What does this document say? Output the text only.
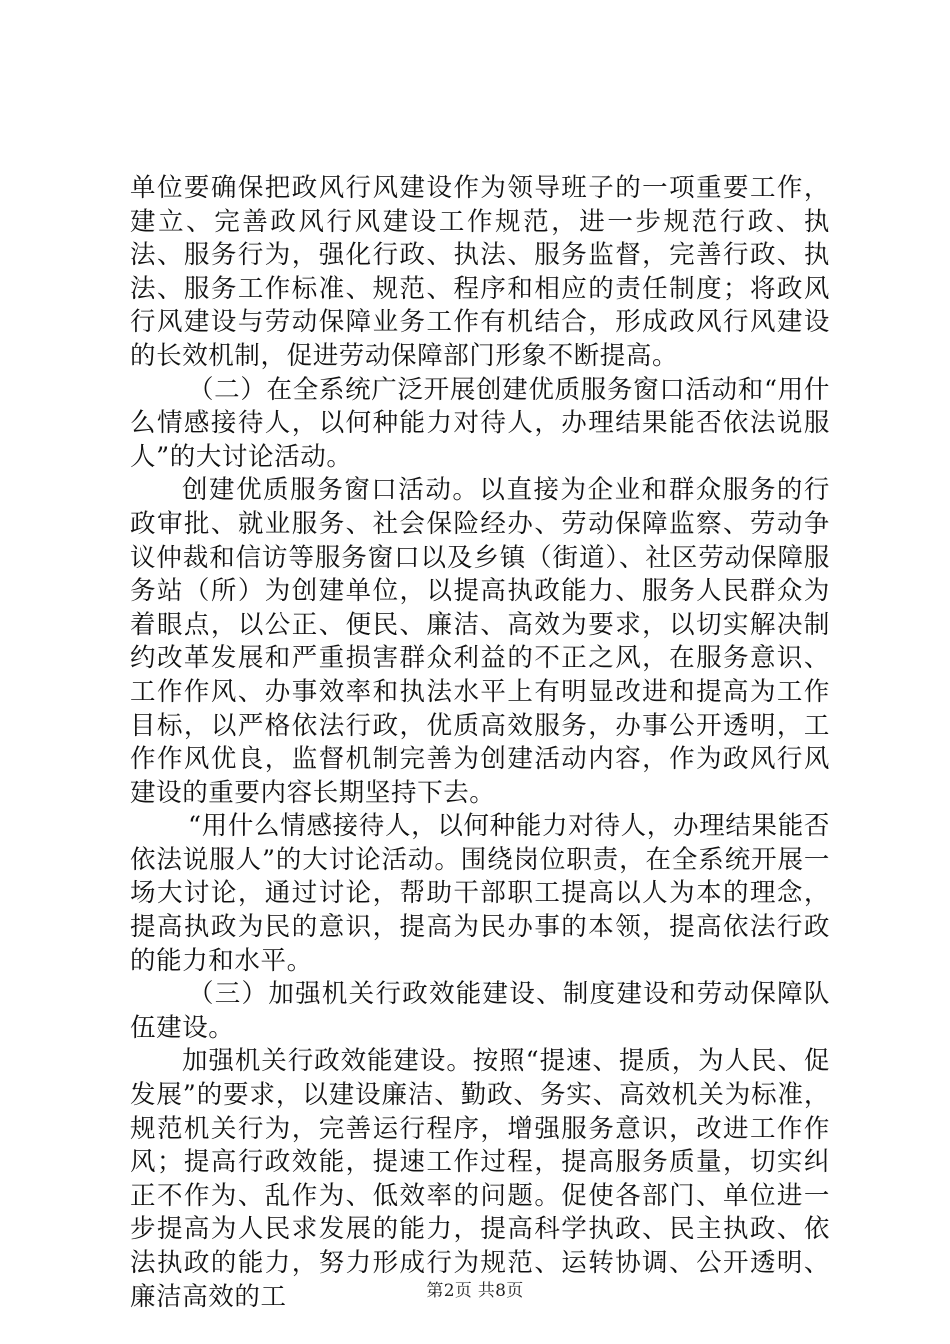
单位要确保把政风行风建设作为领导班子的一项重要工作，建立、完善政风行风建设工作规范，进一步规范行政、执法、服务行为，强化行政、执法、服务监督，完善行政、执法、服务工作标准、规范、程序和相应的责任制度；将政风行风建设与劳动保障业务工作有机结合，形成政风行风建设的长效机制，促进劳动保障部门形象不断提高。

（二）在全系统广泛开展创建优质服务窗口活动和“用什么情感接待人，以何种能力对待人，办理结果能否依法说服人”的大讨论活动。

创建优质服务窗口活动。以直接为企业和群众服务的行政审批、就业服务、社会保险经办、劳动保障监察、劳动争议仲裁和信访等服务窗口以及乡镇（街道）、社区劳动保障服务站（所）为创建单位，以提高执政能力、服务人民群众为着眼点，以公正、便民、廉洁、高效为要求，以切实解决制约改革发展和严重损害群众利益的不正之风，在服务意识、工作作风、办事效率和执法水平上有明显改进和提高为工作目标，以严格依法行政，优质高效服务，办事公开透明，工作作风优良，监督机制完善为创建活动内容，作为政风行风建设的重要内容长期坚持下去。

“用什么情感接待人，以何种能力对待人，办理结果能否依法说服人”的大讨论活动。围绕岗位职责，在全系统开展一场大讨论，通过讨论，帮助干部职工提高以人为本的理念，提高执政为民的意识，提高为民办事的本领，提高依法行政的能力和水平。

（三）加强机关行政效能建设、制度建设和劳动保障队伍建设。

加强机关行政效能建设。按照“提速、提质，为人民、促发展”的要求，以建设廉洁、勤政、务实、高效机关为标准，规范机关行为，完善运行程序，增强服务意识，改进工作作风；提高行政效能，提速工作过程，提高服务质量，切实纠正不作为、乱作为、低效率的问题。促使各部门、单位进一步提高为人民求发展的能力，提高科学执政、民主执政、依法执政的能力，努力形成行为规范、运转协调、公开透明、廉洁高效的工	第2页 共8页
